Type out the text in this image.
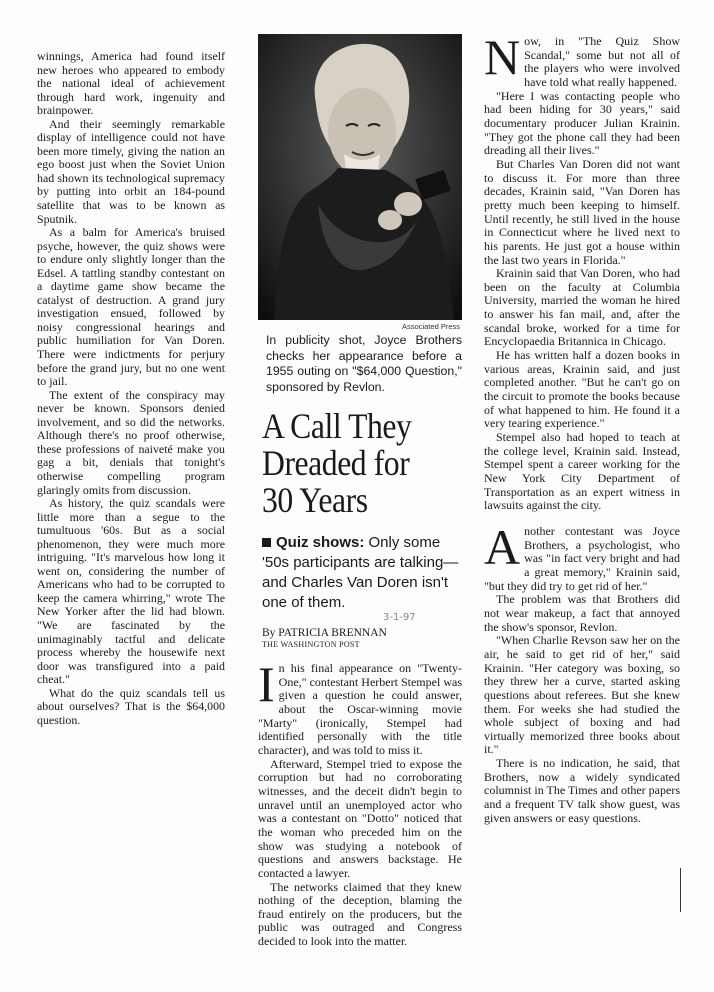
winnings, America had found itself new heroes who appeared to embody the national ideal of achievement through hard work, ingenuity and brainpower.

And their seemingly remarkable display of intelligence could not have been more timely, giving the nation an ego boost just when the Soviet Union had shown its technological supremacy by putting into orbit an 184-pound satellite that was to be known as Sputnik.

As a balm for America's bruised psyche, however, the quiz shows were to endure only slightly longer than the Edsel. A tattling standby contestant on a daytime game show became the catalyst of destruction. A grand jury investigation ensued, followed by noisy congressional hearings and public humiliation for Van Doren. There were indictments for perjury before the grand jury, but no one went to jail.

The extent of the conspiracy may never be known. Sponsors denied involvement, and so did the networks. Although there's no proof otherwise, these professions of naiveté make you gag a bit, denials that tonight's otherwise compelling program glaringly omits from discussion.

As history, the quiz scandals were little more than a segue to the tumultuous '60s. But as a social phenomenon, they were much more intriguing. "It's marvelous how long it went on, considering the number of Americans who had to be corrupted to keep the camera whirring," wrote The New Yorker after the lid had blown. "We are fascinated by the unimaginably tactful and delicate process whereby the housewife next door was transfigured into a paid cheat."

What do the quiz scandals tell us about ourselves? That is the $64,000 question.

Associated Press
In publicity shot, Joyce Brothers checks her appearance before a 1955 outing on "$64,000 Question," sponsored by Revlon.
A Call They Dreaded for 30 Years
Quiz shows: Only some '50s participants are talking—and Charles Van Doren isn't one of them.
3-1-97
By PATRICIA BRENNAN
THE WASHINGTON POST

In his final appearance on "Twenty-One," contestant Herbert Stempel was given a question he could answer, about the Oscar-winning movie "Marty" (ironically, Stempel had identified personally with the title character), and was told to miss it.

Afterward, Stempel tried to expose the corruption but had no corroborating witnesses, and the deceit didn't begin to unravel until an unemployed actor who was a contestant on "Dotto" noticed that the woman who preceded him on the show was studying a notebook of questions and answers backstage. He contacted a lawyer.

The networks claimed that they knew nothing of the deception, blaming the fraud entirely on the producers, but the public was outraged and Congress decided to look into the matter.

Now, in "The Quiz Show Scandal," some but not all of the players who were involved have told what really happened.

"Here I was contacting people who had been hiding for 30 years," said documentary producer Julian Krainin. "They got the phone call they had been dreading all their lives."

But Charles Van Doren did not want to discuss it. For more than three decades, Krainin said, "Van Doren has pretty much been keeping to himself. Until recently, he still lived in the house in Connecticut where he lived next to his parents. He just got a house within the last two years in Florida."

Krainin said that Van Doren, who had been on the faculty at Columbia University, married the woman he hired to answer his fan mail, and, after the scandal broke, worked for a time for Encyclopaedia Britannica in Chicago.

He has written half a dozen books in various areas, Krainin said, and just completed another. "But he can't go on the circuit to promote the books because of what happened to him. He found it a very tearing experience."

Stempel also had hoped to teach at the college level, Krainin said. Instead, Stempel spent a career working for the New York City Department of Transportation as an expert witness in lawsuits against the city.

Another contestant was Joyce Brothers, a psychologist, who was "in fact very bright and had a great memory," Krainin said, "but they did try to get rid of her."

The problem was that Brothers did not wear makeup, a fact that annoyed the show's sponsor, Revlon.

"When Charlie Revson saw her on the air, he said to get rid of her," said Krainin. "Her category was boxing, so they threw her a curve, started asking questions about referees. But she knew them. For weeks she had studied the whole subject of boxing and had virtually memorized three books about it."

There is no indication, he said, that Brothers, now a widely syndicated columnist in The Times and other papers and a frequent TV talk show guest, was given answers or easy questions.
